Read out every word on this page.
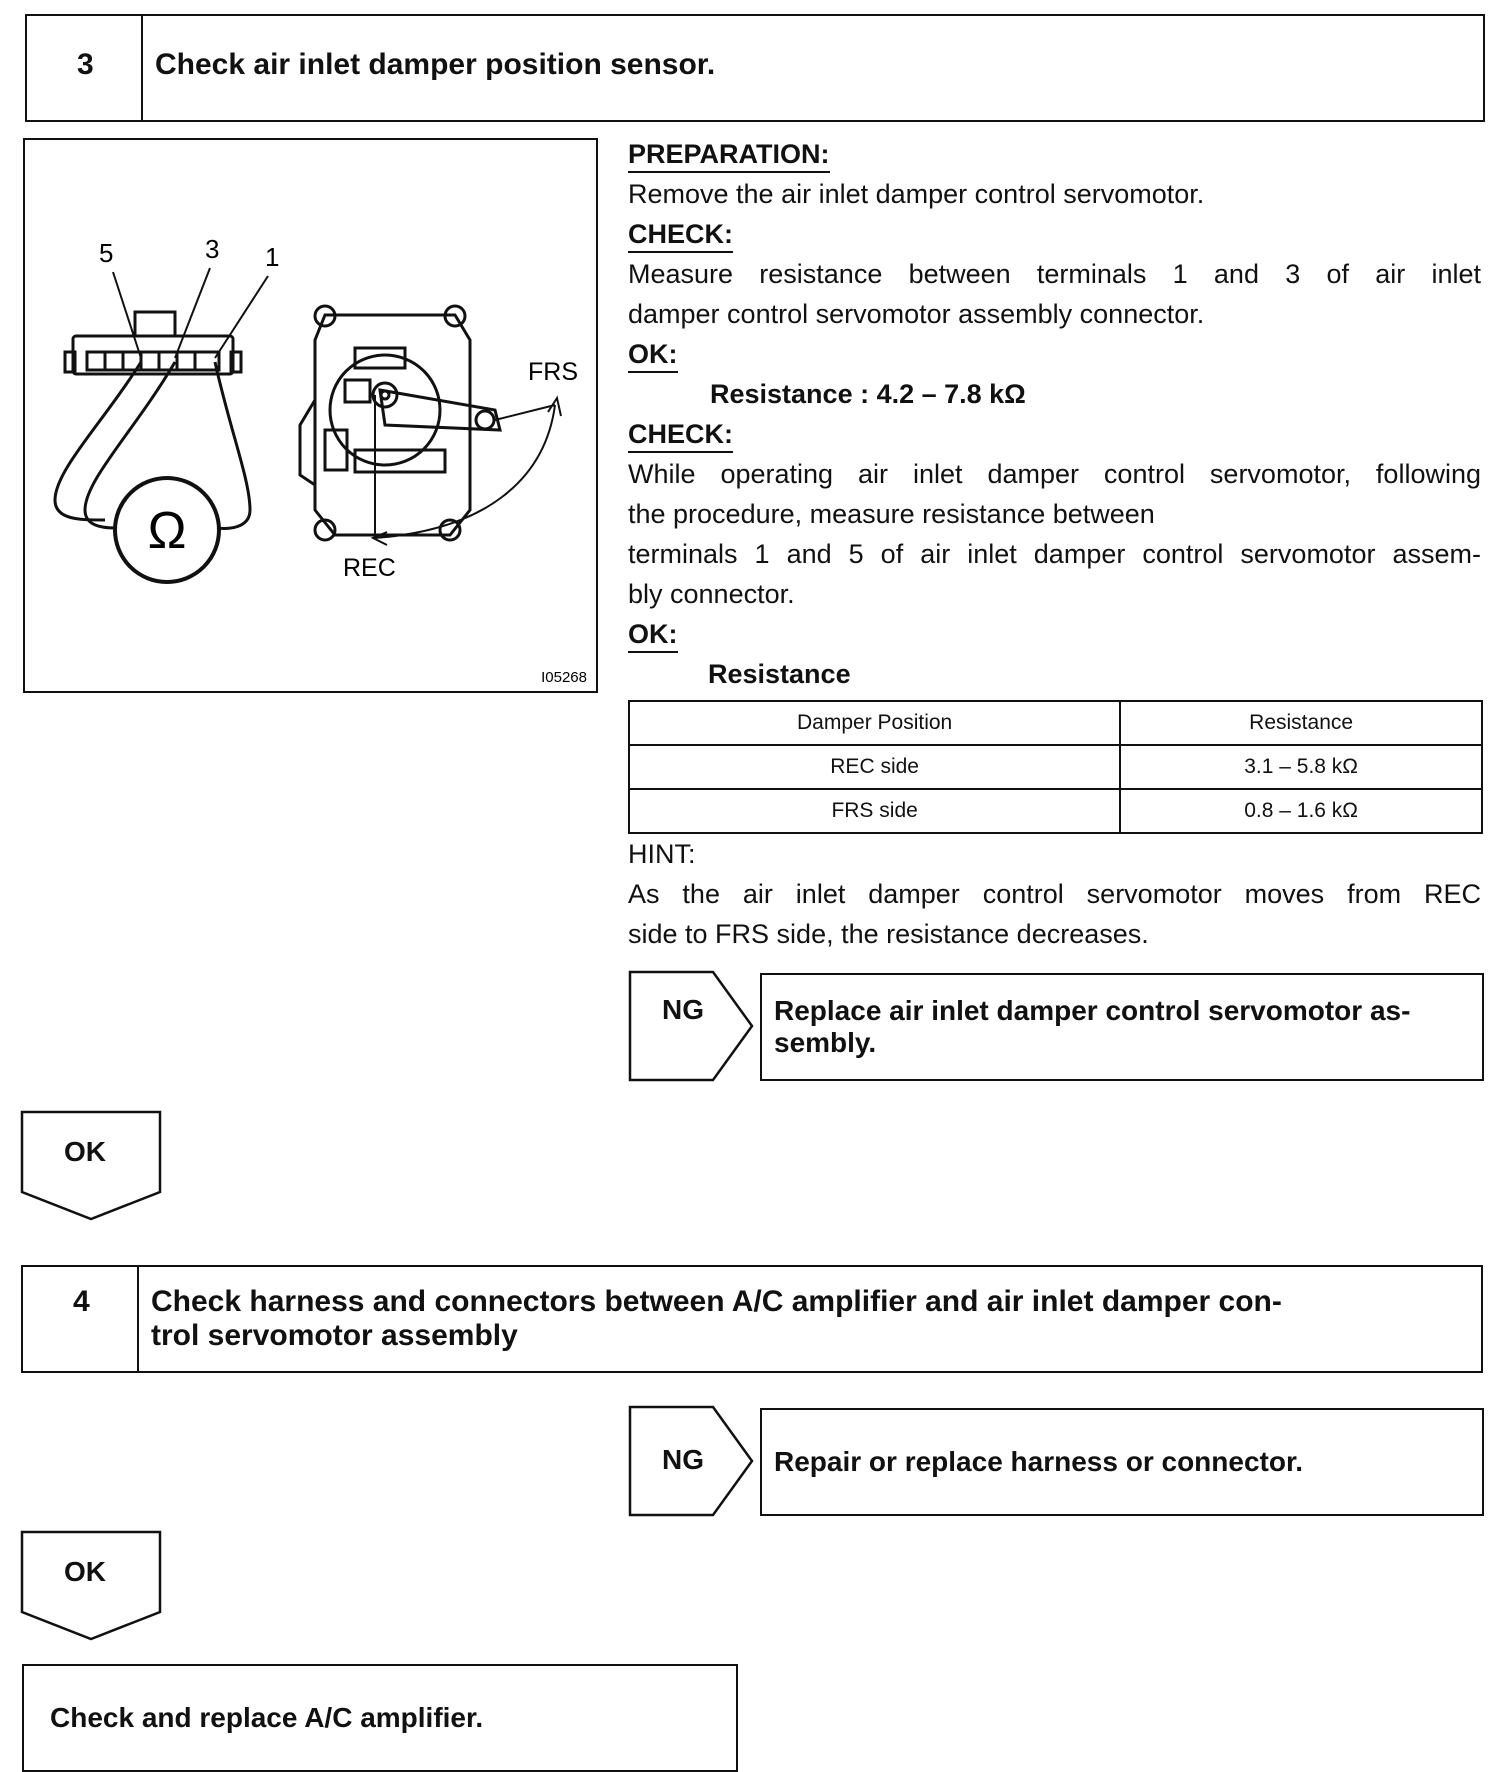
3 Check air inlet damper position sensor.
5	3 1
Ω
FRS
REC
I05268
PREPARATION:
Remove the air inlet damper control servomotor.
CHECK:
Measure resistance between terminals 1 and 3 of air inlet
damper control servomotor assembly connector.
OK:
Resistance : 4.2 – 7.8 kΩ
CHECK:
While operating air inlet damper control servomotor, following
the procedure, measure resistance between
terminals 1 and 5 of air inlet damper control servomotor assem-
bly connector.
OK:
Resistance
Damper Position	Resistance
REC side	3.1 – 5.8 kΩ
FRS side	0.8 – 1.6 kΩ
HINT:
As the air inlet damper control servomotor moves from REC
side to FRS side, the resistance decreases.
NG	Replace air inlet damper control servomotor as-
sembly.
OK
4 Check harness and connectors between A/C amplifier and air inlet damper con-
trol servomotor assembly
NG	Repair or replace harness or connector.
OK
Check and replace A/C amplifier.
